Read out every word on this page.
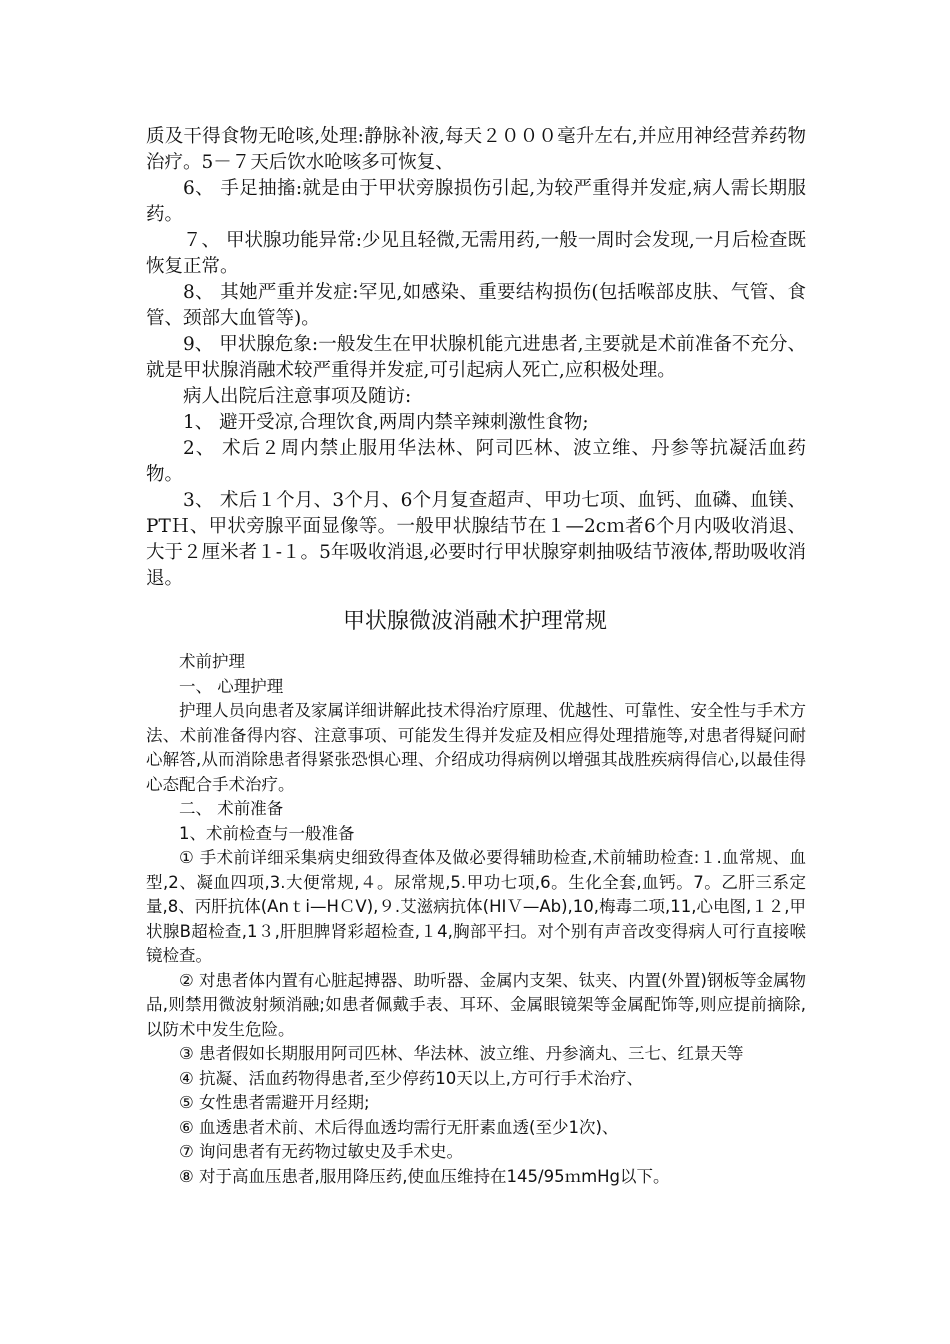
质及干得食物无呛咳,处理:静脉补液,每天２０００毫升左右,并应用神经营养药物治疗。5－７天后饮水呛咳多可恢复、

6、 手足抽搐:就是由于甲状旁腺损伤引起,为较严重得并发症,病人需长期服药。

７、 甲状腺功能异常:少见且轻微,无需用药,一般一周时会发现,一月后检查既恢复正常。

8、 其她严重并发症:罕见,如感染、重要结构损伤(包括喉部皮肤、气管、食管、颈部大血管等)。

9、 甲状腺危象:一般发生在甲状腺机能亢进患者,主要就是术前准备不充分、就是甲状腺消融术较严重得并发症,可引起病人死亡,应积极处理。

病人出院后注意事项及随访:

1、 避开受凉,合理饮食,两周内禁辛辣刺激性食物;

2、 术后２周内禁止服用华法林、阿司匹林、波立维、丹参等抗凝活血药物。

3、 术后１个月、3个月、6个月复查超声、甲功七项、血钙、血磷、血镁、PTＨ、甲状旁腺平面显像等。一般甲状腺结节在１—2cｍ者6个月内吸收消退、大于２厘米者１-１。5年吸收消退,必要时行甲状腺穿刺抽吸结节液体,帮助吸收消退。

甲状腺微波消融术护理常规

术前护理

一、 心理护理

护理人员向患者及家属详细讲解此技术得治疗原理、优越性、可靠性、安全性与手术方法、术前准备得内容、注意事项、可能发生得并发症及相应得处理措施等,对患者得疑问耐心解答,从而消除患者得紧张恐惧心理、介绍成功得病例以增强其战胜疾病得信心,以最佳得心态配合手术治疗。

二、 术前准备

1、术前检查与一般准备

① 手术前详细采集病史细致得查体及做必要得辅助检查,术前辅助检查:１.血常规、血型,2、凝血四项,3.大便常规,４。尿常规,5.甲功七项,6。生化全套,血钙。7。乙肝三系定量,8、丙肝抗体(Anｔi—HＣV),９.艾滋病抗体(HIＶ—Ab),10,梅毒二项,11,心电图,１２,甲状腺B超检查,1３,肝胆脾肾彩超检查,１4,胸部平扫。对个别有声音改变得病人可行直接喉镜检查。

② 对患者体内置有心脏起搏器、助听器、金属内支架、钛夹、内置(外置)钢板等金属物品,则禁用微波射频消融;如患者佩戴手表、耳环、金属眼镜架等金属配饰等,则应提前摘除,以防术中发生危险。

③ 患者假如长期服用阿司匹林、华法林、波立维、丹参滴丸、三七、红景天等

④ 抗凝、活血药物得患者,至少停药10天以上,方可行手术治疗、

⑤ 女性患者需避开月经期;

⑥ 血透患者术前、术后得血透均需行无肝素血透(至少1次)、

⑦ 询问患者有无药物过敏史及手术史。

⑧ 对于高血压患者,服用降压药,使血压维持在145/95ｍmHg以下。
